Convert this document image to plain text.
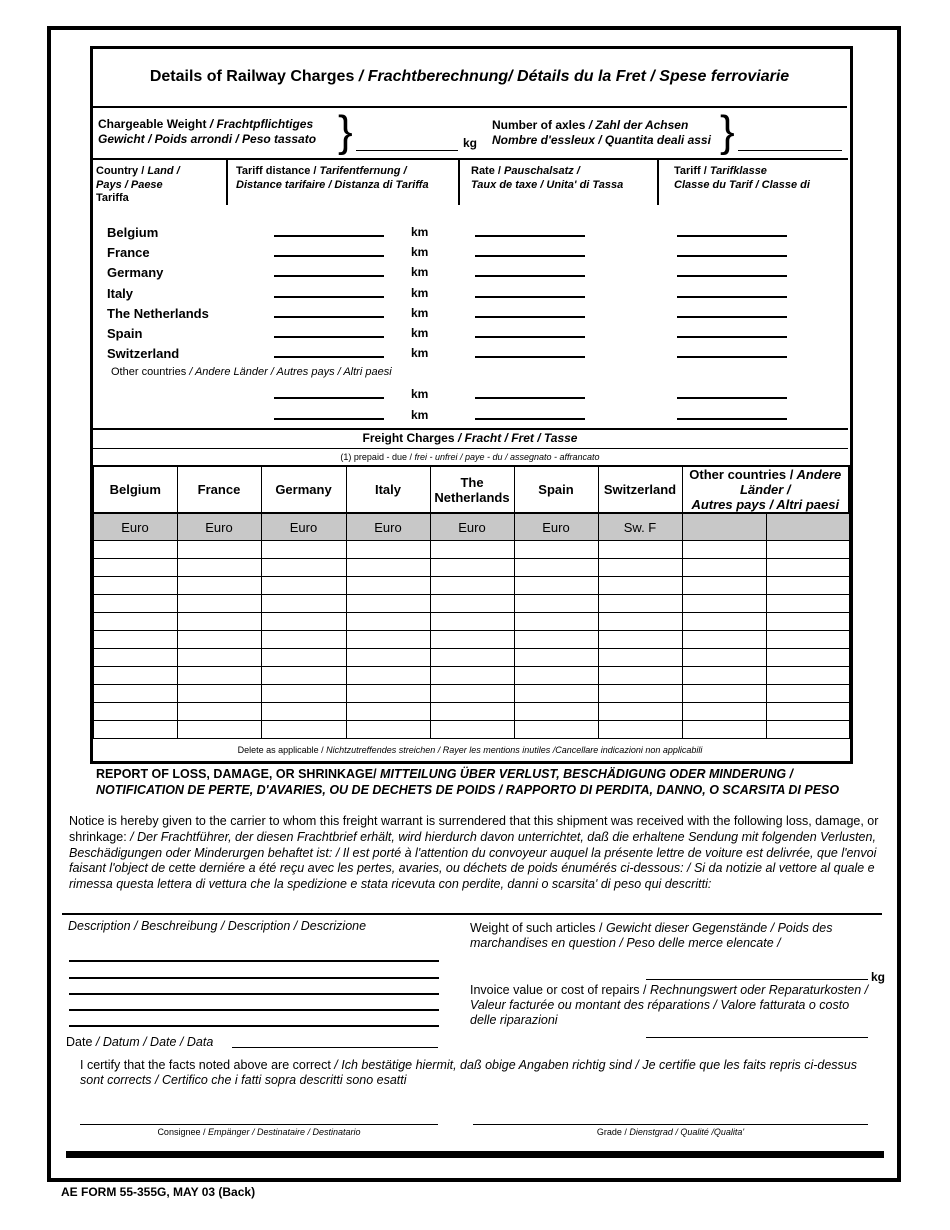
Details of Railway Charges
/ Frachtberechnung / Détails du la Fret / Spese ferroviarie
Chargeable Weight / Frachtpflichtiges
Gewicht / Poids arrondi / Peso tassato }	kg
Number of axles / Zahl der Achsen
Nombre d'essleux / Quantita deali assi }
Country / Land /
Pays / Paese
Tariffa
Tariff distance / Tarifentfernung /
Distance tarifaire / Distanza di Tariffa
Rate / Pauschalsatz /
Taux de taxe / Unita' di Tassa
Tariff / Tarifklasse
Classe du Tarif / Classe di
Belgium	km
France	km
Germany	km
Italy	km
The Netherlands	km
Spain	km
Switzerland	km
Other countries / Andere Länder / Autres pays / Altri paesi
km
km
Freight Charges / Fracht / Fret / Tasse
(1) prepaid - due / frei - unfrei / paye - du / assegnato - affrancato
Belgium	France	Germany	Italy	The Netherlands	Spain	Switzerland	Other countries / Andere Länder /
Autres pays / Altri paesi	
Euro	Euro	Euro	Euro	Euro	Euro	Sw. F		

Delete as applicable / Nichtzutreffendes streichen / Rayer les mentions inutiles /Cancellare indicazioni non applicabili
REPORT OF LOSS, DAMAGE, OR SHRINKAGE/ MITTEILUNG ÜBER VERLUST, BESCHÄDIGUNG ODER MINDERUNG /
NOTIFICATION DE PERTE, D'AVARIES, OU DE DECHETS DE POIDS / RAPPORTO DI PERDITA, DANNO, O SCARSITA DI PESO
Notice is hereby given to the carrier to whom this freight warrant is surrendered that this shipment was received with the following loss, damage, or shrinkage: / Der Frachtführer, der diesen Frachtbrief erhält, wird hierdurch davon unterrichtet, daß die erhaltene Sendung mit folgenden Verlusten, Beschädigungen oder Minderurgen behaftet ist: / Il est porté à l'attention du convoyeur auquel la présente lettre de voiture est delivrée, que l'envoi faisant l'object de cette derniére a été reçu avec les pertes, avaries, ou déchets de poids énumérés ci-dessous: / Si da notizie al vettore al quale e rimessa questa lettera di vettura che la spedizione e stata ricevuta con perdite, danni o scarsita' di peso qui descritti:
Description / Beschreibung / Description / Descrizione	Weight of such articles / Gewicht dieser Gegenstände / Poids des marchandises en question / Peso delle merce elencate /
kg
Invoice value or cost of repairs / Rechnungswert oder Reparaturkosten / Valeur facturée ou montant des réparations / Valore fatturata o costo delle riparazioni
Date / Datum / Date / Data
I certify that the facts noted above are correct / Ich bestätige hiermit, daß obige Angaben richtig sind / Je certifie que les faits repris ci-dessus sont corrects / Certifico che i fatti sopra descritti sono esatti
Consignee / Empänger / Destinataire / Destinatario	Grade / Dienstgrad / Qualité /Qualita'
AE FORM 55-355G, MAY 03 (Back)
